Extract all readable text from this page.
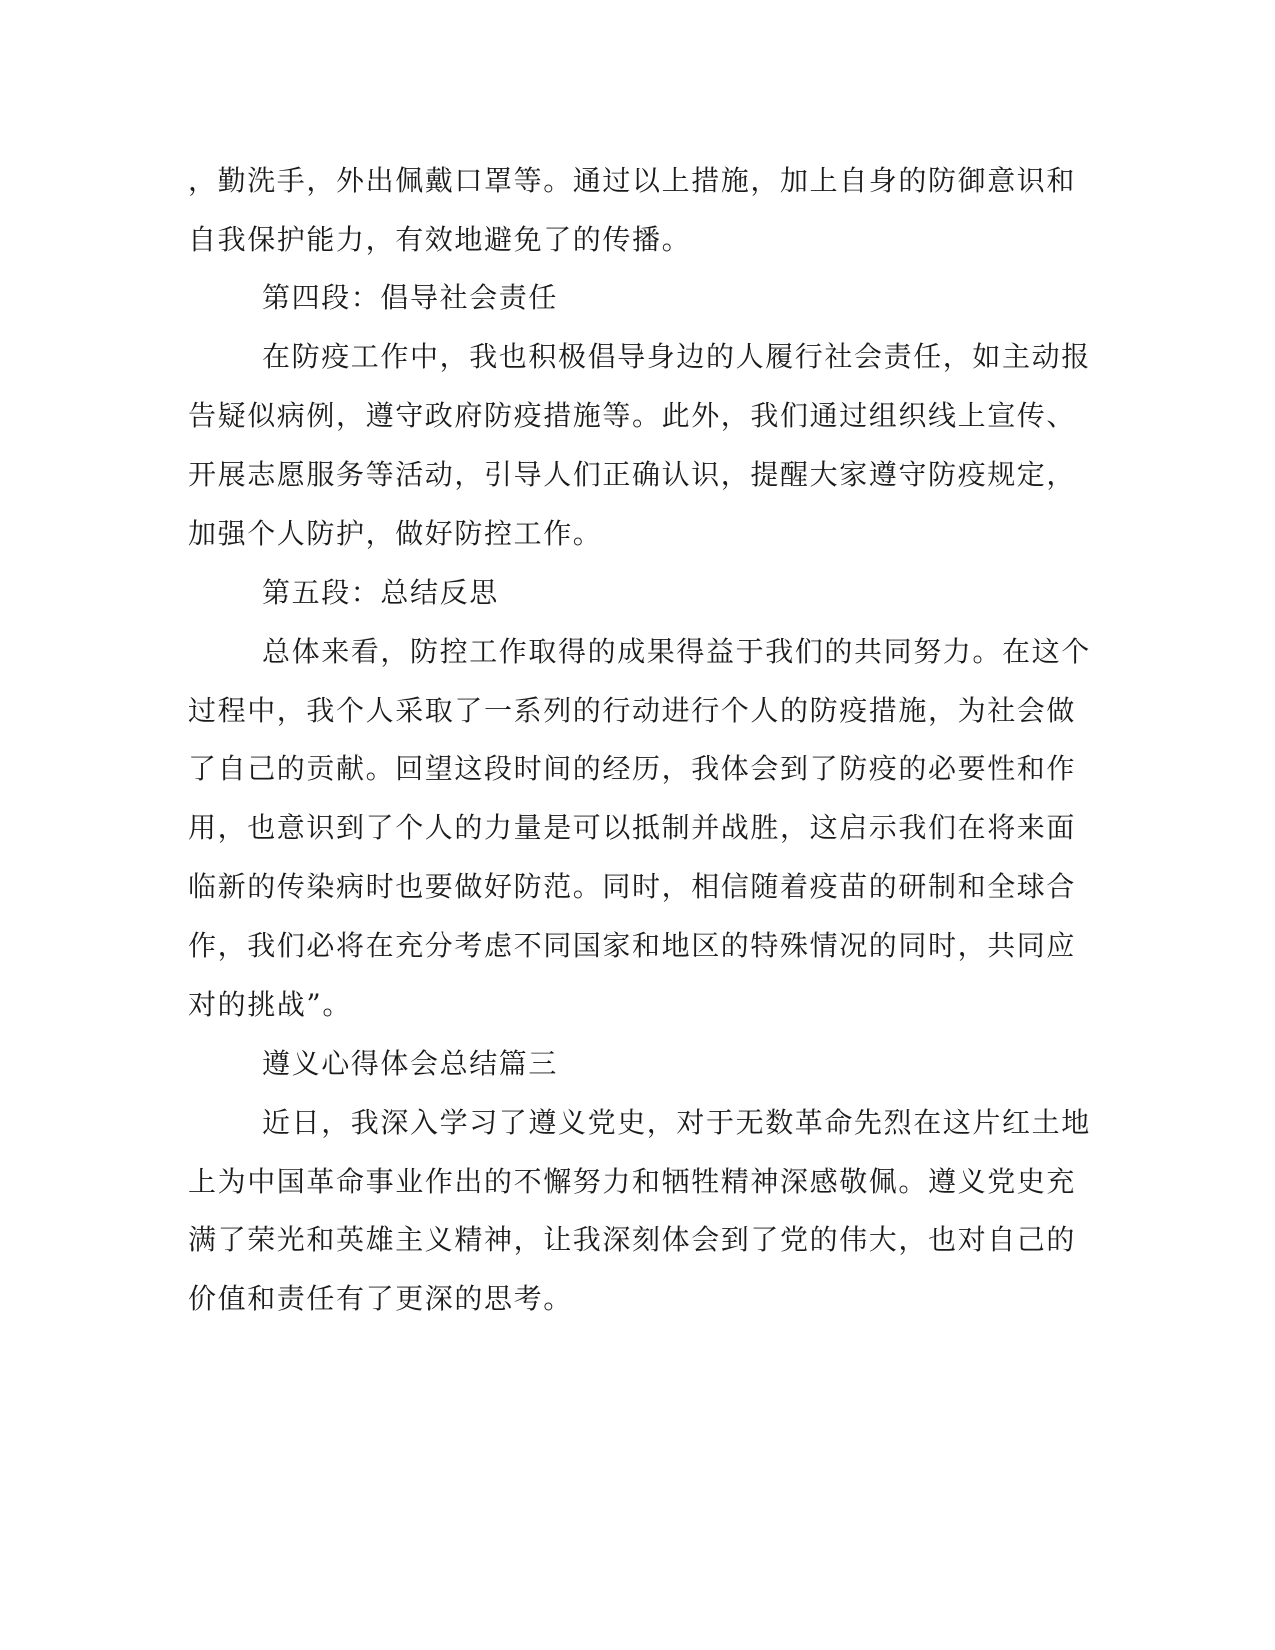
，勤洗手，外出佩戴口罩等。通过以上措施，加上自身的防御意识和
自我保护能力，有效地避免了的传播。
第四段：倡导社会责任
在防疫工作中，我也积极倡导身边的人履行社会责任，如主动报
告疑似病例，遵守政府防疫措施等。此外，我们通过组织线上宣传、
开展志愿服务等活动，引导人们正确认识，提醒大家遵守防疫规定，
加强个人防护，做好防控工作。
第五段：总结反思
总体来看，防控工作取得的成果得益于我们的共同努力。在这个
过程中，我个人采取了一系列的行动进行个人的防疫措施，为社会做
了自己的贡献。回望这段时间的经历，我体会到了防疫的必要性和作
用，也意识到了个人的力量是可以抵制并战胜，这启示我们在将来面
临新的传染病时也要做好防范。同时，相信随着疫苗的研制和全球合
作，我们必将在充分考虑不同国家和地区的特殊情况的同时，共同应
对的挑战”。
遵义心得体会总结篇三
近日，我深入学习了遵义党史，对于无数革命先烈在这片红土地
上为中国革命事业作出的不懈努力和牺牲精神深感敬佩。遵义党史充
满了荣光和英雄主义精神，让我深刻体会到了党的伟大，也对自己的
价值和责任有了更深的思考。
